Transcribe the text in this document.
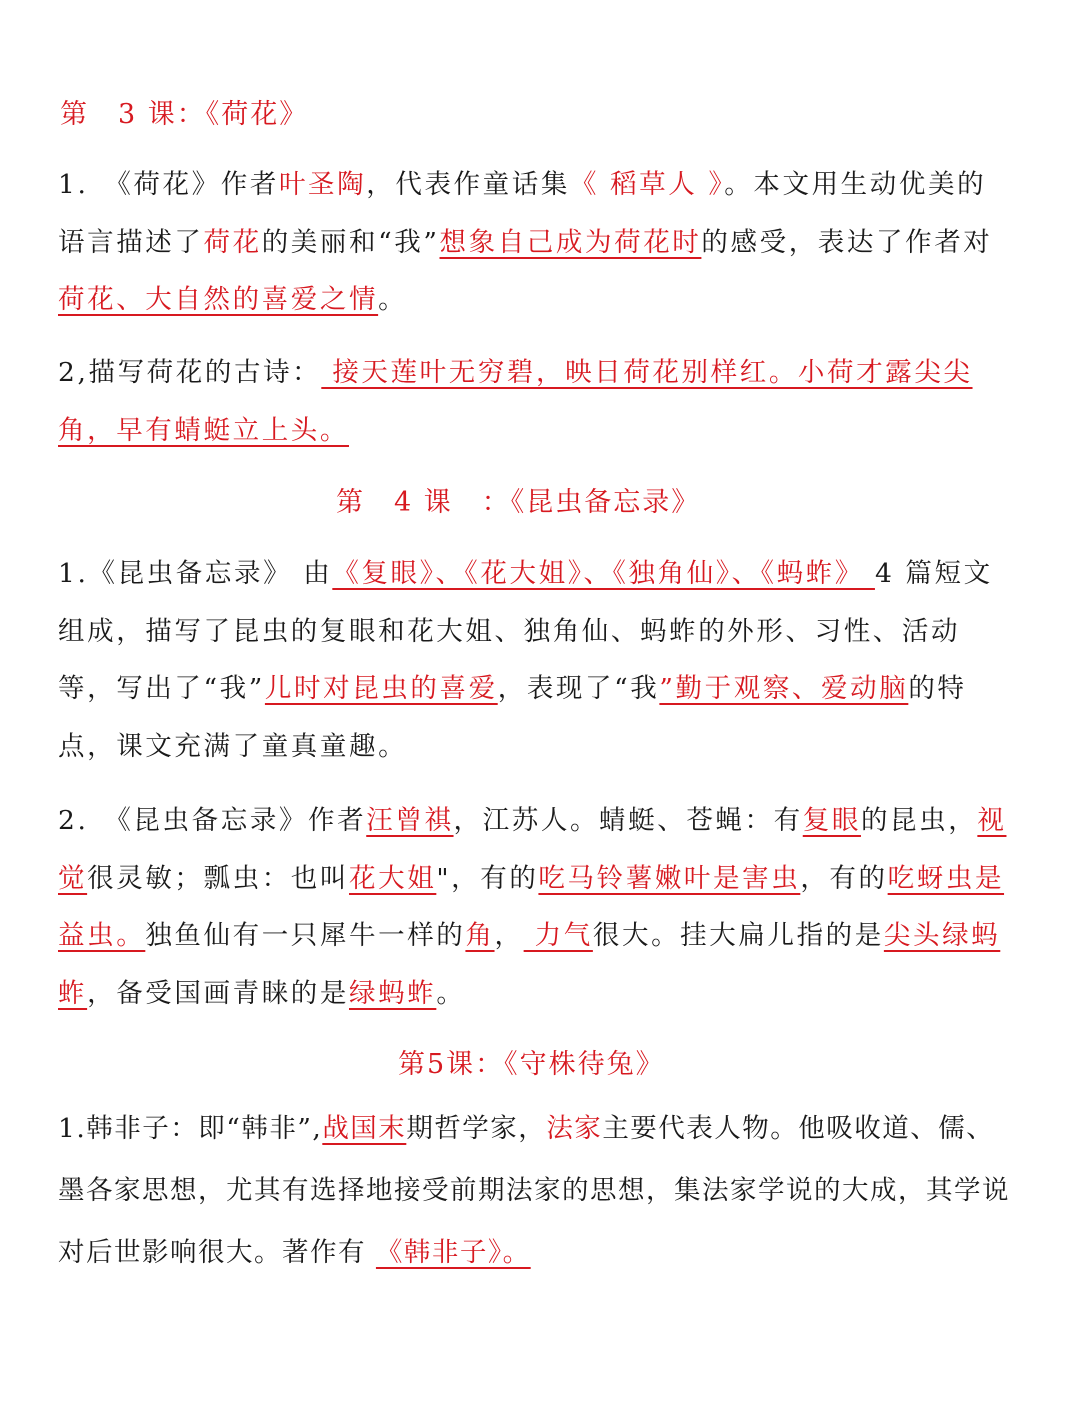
第　3 课：《荷花》
1.　《荷花》作者叶圣陶，代表作童话集《 稻草人 》。本文用生动优美的语言描述了荷花的美丽和“我”想象自己成为荷花时的感受，表达了作者对荷花、大自然的喜爱之情。
2,描写荷花的古诗： 接天莲叶无穷碧，映日荷花别样红。小荷才露尖尖角，早有蜻蜓立上头。
第　4 课　：《昆虫备忘录》
1.《昆虫备忘录》 由《复眼》、《花大姐》、《独角仙》、《蚂蚱》 4 篇短文组成，描写了昆虫的复眼和花大姐、独角仙、蚂蚱的外形、习性、活动等，写出了“我”儿时对昆虫的喜爱，表现了“我”勤于观察、爱动脑的特点，课文充满了童真童趣。
2.　《昆虫备忘录》作者汪曾祺，江苏人。蜻蜓、苍蝇：有复眼的昆虫，视 觉很灵敏；瓢虫：也叫花大姐"，有的吃马铃薯嫩叶是害虫，有的吃蚜虫是益虫。独鱼仙有一只犀牛一样的角， 力气很大。挂大扁儿指的是尖头绿蚂蚱，备受国画青睐的是绿蚂蚱。
第5课：《守株待兔》
1.韩非子：即“韩非”,战国末期哲学家，法家主要代表人物。他吸收道、儒、墨各家思想，尤其有选择地接受前期法家的思想，集法家学说的大成，其学说对后世影响很大。著作有 《韩非子》。
